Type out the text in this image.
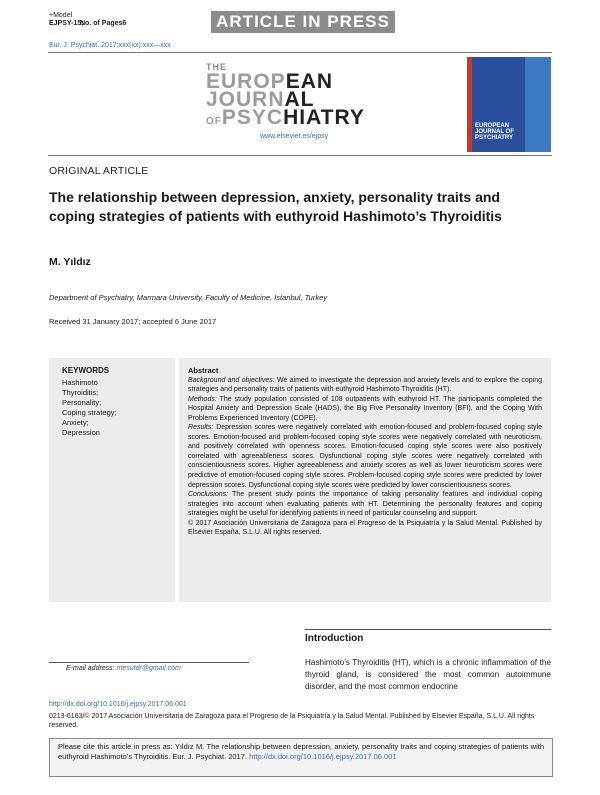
+Model
EJPSY-15;
No. of Pages6	ARTICLE IN PRESS
Eur. J. Psychiat. 2017;xxx(xx):xxx—xxx
THE
EUROPEAN
JOURNAL
OFPSYCHIATRY
www.elsevier.es/ejpsy
EUROPEAN JOURNAL OF PSYCHIATRY
ORIGINAL ARTICLE
The relationship between depression, anxiety, personality traits and coping strategies of patients with euthyroid Hashimoto’s Thyroiditis
M. Yıldız
Department of Psychiatry, Marmara University, Faculty of Medicine, Istanbul, Turkey
Received 31 January 2017; accepted 6 June 2017
KEYWORDS
Hashimoto
Thyroiditis;
Personality;
Coping strategy;
Anxiety;
Depression

Abstract

Background and objectives: We aimed to investigate the depression and anxiety levels and to explore the coping strategies and personality traits of patients with euthyroid Hashimoto Thyroiditis (HT).

Methods: The study population consisted of 108 outpatients with euthyroid HT. The participants completed the Hospital Anxiety and Depression Scale (HADS), the Big Five Personality Inventory (BFI), and the Coping With Problems Experienced Inventory (COPE).

Results: Depression scores were negatively correlated with emotion-focused and problem-focused coping style scores. Emotion-focused and problem-focused coping style scores were negatively correlated with neuroticism, and positively correlated with openness scores. Emotion-focused coping style scores were also positively correlated with agreeableness scores. Dysfunctional coping style scores were negatively correlated with conscientiousness scores. Higher agreeableness and anxiety scores as well as lower neuroticism scores were predictive of emotion-focused coping style scores. Problem-focused coping style scores were predicted by lower depression scores. Dysfunctional coping style scores were predicted by lower conscientiousness scores.

Conclusions: The present study points the importance of taking personality features and individual coping strategies into account when evaluating patients with HT. Determining the personality features and coping strategies might be useful for identifying patients in need of particular counseling and support.

© 2017 Asociación Universitaria de Zaragoza para el Progreso de la Psiquiatría y la Salud Mental. Published by Elsevier España, S.L.U. All rights reserved.

Introduction
Hashimoto’s Thyroiditis (HT), which is a chronic inflammation of the thyroid gland, is considered the most common autoimmune disorder, and the most common endocrine
E-mail address: mesutdr@gmail.com
http://dx.doi.org/10.1016/j.ejpsy.2017.06.001
0213-6163/© 2017 Asociación Universitaria de Zaragoza para el Progreso de la Psiquiatría y la Salud Mental. Published by Elsevier España, S.L.U. All rights reserved.
Please cite this article in press as: Yıldız M. The relationship between depression, anxiety, personality traits and coping strategies of patients with euthyroid Hashimoto’s Thyroiditis. Eur. J. Psychiat. 2017. http://dx.doi.org/10.1016/j.ejpsy.2017.06.001
